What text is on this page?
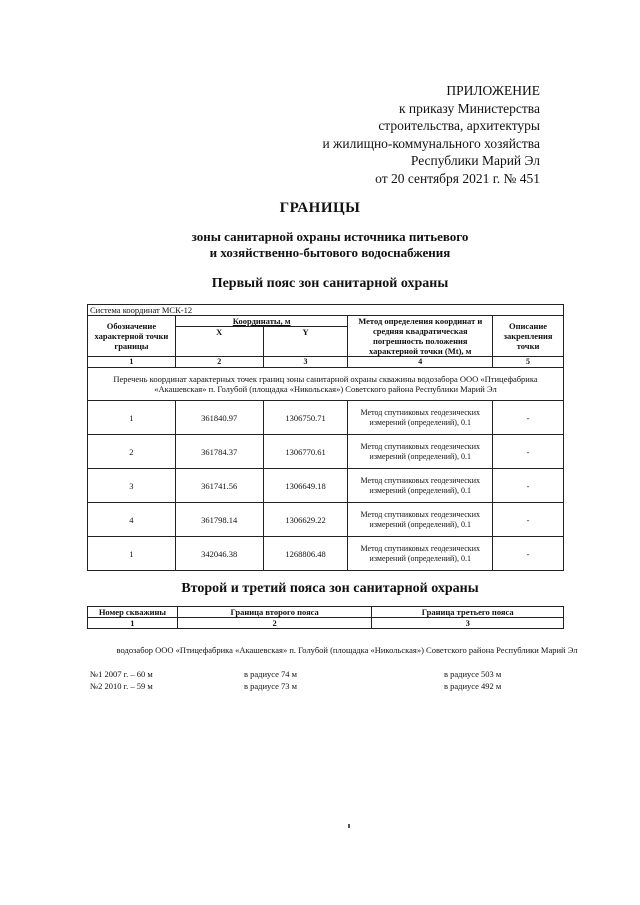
ПРИЛОЖЕНИЕ
к приказу Министерства
строительства, архитектуры
и жилищно-коммунального хозяйства
Республики Марий Эл
от 20 сентября 2021 г. № 451
ГРАНИЦЫ
зоны санитарной охраны источника питьевого
и хозяйственно-бытового водоснабжения
Первый пояс зон санитарной охраны
Система координат МСК-12				
Обозначение характерной точки границы	Координаты, м		Метод определения координат и средняя квадратическая погрешность положения характерной точки (Mt), м	Описание закрепления точки
	X	Y		
1	2	3	4	5
Перечень координат характерных точек границ зоны санитарной охраны скважины водозабора ООО «Птицефабрика «Акашевская» п. Голубой (площадка «Никольская») Советского района Республики Марий Эл				
1	361840.97	1306750.71	Метод спутниковых геодезических измерений (определений), 0.1	-
2	361784.37	1306770.61	Метод спутниковых геодезических измерений (определений), 0.1	-
3	361741.56	1306649.18	Метод спутниковых геодезических измерений (определений), 0.1	-
4	361798.14	1306629.22	Метод спутниковых геодезических измерений (определений), 0.1	-
1	342046.38	1268806.48	Метод спутниковых геодезических измерений (определений), 0.1	-
Второй и третий пояса зон санитарной охраны
Номер скважины	Граница второго пояса	Граница третьего пояса
1	2	3
водозабор ООО «Птицефабрика «Акашевская» п. Голубой (площадка «Никольская») Советского района Республики Марий Эл
№1 2007 г. – 60 м	в радиусе 74 м	в радиусе 503 м
№2 2010 г. – 59 м	в радиусе 73 м	в радиусе 492 м
